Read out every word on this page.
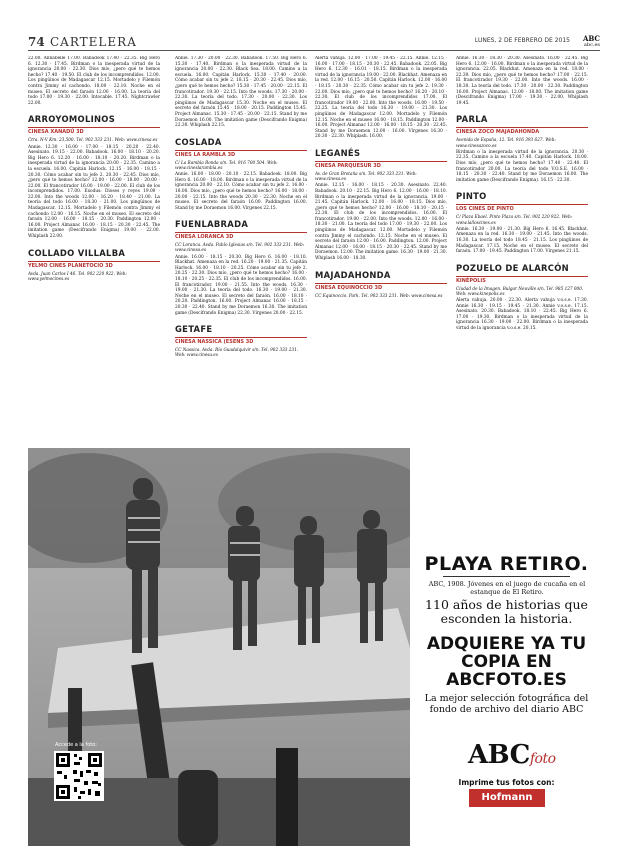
74 CARTELERA	LUNES, 2 DE FEBRERO DE 2015 ABC
abc.es

22.00. Annabelle 17.00. Babadook 17.40 · 22.35. Big Hero 6. 12.30 · 17.45. Birdman o la inesperada virtud de la ignorancia 20.00 · 22.30. Dios mío, ¿pero qué te hemos hecho? 17.40 · 19.50. El club de los incomprendidos. 12.00. Los pingüinos de Madagascar 12.15. Mortadelo y Filemón contra Jimmy el cachondo. 18.00 · 22.10. Noche en el museo. El secreto del faraón 12.00 · 16.00. La teoría del todo 17.00 · 19.30 · 22.00. Intocable. 17.45. Nightcrawler 22.00.

ARROYOMOLINOS

CINESA XANADÚ 3D

Ctra. N-V Km. 23,500. Tel. 902 333 231. Web: www.cinesa.es

Annie. 12.30 · 16.00 · 17.00 · 18.15 · 20.20 · 22.40. Asesinato. 19.15 · 22.00. Babadook. 16.00 · 18.10 · 20.20. Big Hero 6. 12.20 · 16.00 · 18.10 · 20.20. Birdman o la inesperada virtud de la ignorancia 20.00 · 22.35. Camino a la escuela. 16.00. Capitán Harlock. 12.15 · 16.00 · 18.15 · 20.30. Cómo acabar sin tu jefe 2. 20.30 · 22.45. Dios mío, ¿pero qué te hemos hecho? 12.00 · 16.00 · 18.00 · 20.00 · 22.00. El francotirador 16.00 · 19.00 · 22.00. El club de los incomprendidos. 17.00. Exodus: Dioses y reyes 19.00 · 22.00. Into the woods 12.00 · 16.20 · 18.40 · 21.00. La teoría del todo 16.00 · 18.30 · 21.00. Los pingüinos de Madagascar. 12.15. Mortadelo y Filemón contra Jimmy el cachondo 12.00 · 16.15. Noche en el museo. El secreto del faraón 12.00 · 16.00 · 18.15 · 20.30. Paddington 12.00 · 16.00. Project Almanac 16.00 · 18.15 · 20.30 · 22.45. The imitation game (Descifrando Enigma) 19.00 · 22.00. Whiplash 22.00.

COLLADO VILLALBA

YELMO CINES PLANETOCIO 3D

Avda. Juan Carlos I 46. Tel. 902 220 922. Web: www.yelmocines.es

Annie. 17.30 · 20.00 · 22.30. Babadook. 17.50. Big Hero 6. 15.30 · 17.40. Birdman o la inesperada virtud de la ignorancia 20.00 · 22.30. Black Sea. 18.00. Camino a la escuela. 16.00. Capitán Harlock. 15.30 · 17.40 · 20.00. Cómo acabar sin tu jefe 2. 18.15 · 20.30 · 22.45. Dios mío, ¿pero qué te hemos hecho? 15.30 · 17.45 · 20.00 · 22.15. El francotirador. 19.30 · 22.15. Into the woods. 17.30 · 20.00 · 22.30. La teoría del todo. 17.30 · 20.00 · 22.30. Los pingüinos de Madagascar 15.30. Noche en el museo. El secreto del faraón 15.45 · 18.00 · 20.15. Paddington 15.45. Project Almanac. 15.30 · 17.45 · 20.00 · 22.15. Stand by me Doraemon 16.00. The imitation game (Descifrando Enigma) 22.30. Whiplash 22.15.

COSLADA

CINES LA RAMBLA 3D

C/ La Rambla Ronda s/n. Tel. 916 700 504. Web: www.cineslarambla.es

Annie. 16.00 · 18.00 · 20.10 · 22.15. Babadook. 18.00. Big Hero 6. 16.00 · 18.00. Birdman o la inesperada virtud de la ignorancia 20.00 · 22.10. Cómo acabar sin tu jefe 2. 16.00 · 18.00. Dios mío, ¿pero qué te hemos hecho? 16.00 · 18.00 · 20.00 · 22.15. Into the woods 20.30 · 22.30. Noche en el museo. El secreto del faraón 16.00. Paddington 16.00. Stand by me Doraemon 16.00. Vírgenes 22.15.

FUENLABRADA

CINESA LORANCA 3D

CC Loranca. Avda. Pablo Iglesias s/n. Tel. 902 333 231. Web: www.cinesa.es

Annie. 16.00 · 18.15 · 20.30. Big Hero 6. 16.00 · 18.10. Blackhat. Amenaza en la red. 16.20 · 19.00 · 21.35. Capitán Harlock. 16.00 · 18.10 · 20.25. Cómo acabar sin tu jefe 2. 20.25 · 22.30. Dios mío, ¿pero qué te hemos hecho? 16.00 · 18.10 · 20.25 · 22.35. El club de los incomprendidos. 16.00. El francotirador. 19.00 · 21.55. Into the woods. 16.30 · 19.00 · 21.30. La teoría del todo. 16.30 · 19.00 · 21.30. Noche en el museo. El secreto del faraón. 16.00 · 18.10 · 20.20. Paddington. 16.00. Project Almanac 16.00 · 18.15 · 20.30 · 22.40. Stand by me Doraemon 16.30. The imitation game (Descifrando Enigma) 22.30. Vírgenes 20.00 · 22.15.

GETAFE

CINESA NASSICA (ESENS 3D

CC Nassica. Avda. Río Guadalquivir s/n. Tel. 902 333 231. Web: www.cinesa.es

Alerta vahuja. 12.00 · 17.00 · 19.45 · 22.15. Annie. 12.15 · 16.00 · 17.00 · 18.15 · 20.30 · 22.45. Babadook. 22.05. Big Hero 6. 12.30 · 16.01 · 18.15. Birdman o la inesperada virtud de la ignorancia 19.00 · 22.00. Blackhat. Amenaza en la red. 12.00 · 16.15 · 20.50. Capitán Harlock. 12.00 · 16.00 · 18.15 · 20.30 · 22.35. Cómo acabar sin tu jefe 2. 19.30 · 22.00. Dios mío, ¿pero qué te hemos hecho? 16.20 · 20.10 · 22.30. El club de los incomprendidos 17.00. El francotirador 19.00 · 22.00. Into the woods. 16.00 · 19.50 · 22.25. La teoría del todo 16.30 · 19.00 · 21.30. Los pingüinos de Madagascar 12.00. Mortadelo y Filemón 12.15. Noche en el museo 16.00 · 18.15. Paddington 12.00 · 16.00. Project Almanac 12.00 · 16.00 · 18.15 · 20.30 · 22.45. Stand by me Doraemon 12.00 · 16.00. Vírgenes 16.30 · 20.30 · 22.30. Whiplash. 16.00.

LEGANÉS

CINESA PARQUESUR 3D

Av. de Gran Bretaña s/n. Tel. 902 333 231. Web: www.cinesa.es

Annie. 12.15 · 16.00 · 18.15 · 20.30. Asesinato. 22.40. Babadook. 20.10 · 22.15. Big Hero 6. 12.00 · 16.00 · 18.10. Birdman o la inesperada virtud de la ignorancia. 19.00 · 21.45. Capitán Harlock. 12.00 · 16.00 · 18.15. Dios mío, ¿pero qué te hemos hecho? 12.00 · 16.00 · 18.10 · 20.15 · 22.30. El club de los incomprendidos. 16.00. El francotirador. 19.00 · 22.00. Into the woods. 12.00 · 16.00 · 18.30 · 21.00. La teoría del todo 17.00 · 19.30 · 22.00. Los pingüinos de Madagascar. 12.00. Mortadelo y Filemón contra Jimmy el cachondo. 12.15. Noche en el museo. El secreto del faraón 12.00 · 16.00. Paddington. 12.00. Project Almanac 12.00 · 16.00 · 18.15 · 20.30 · 22.45. Stand by me Doraemon. 12.00. The imitation game. 16.30 · 19.00 · 21.30. Whiplash 16.00 · 18.30.

MAJADAHONDA

CINESA EQUINOCCIO 3D

CC Equinoccio. Park. Tel. 902 333 231. Web: www.cinesa.es

Annie. 16.30 · 18.30 · 20.30. Asesinato. 16.00 · 22.45. Big Hero 6. 12.00 · 16.00. Birdman o la inesperada virtud de la ignorancia. 22.05. Blackhat. Amenaza en la red. 18.00 · 22.30. Dios mío, ¿pero qué te hemos hecho? 17.00 · 22.15. El francotirador 19.30 · 22.00. Into the woods. 16.00 · 18.30. La teoría del todo. 17.30 · 20.00 · 22.30. Paddington 16.00. Project Almanac. 12.00 · 18.00. The imitation game (Descifrando Enigma) 17.00 · 19.30 · 22.00. Whiplash 19.45.

PARLA

CINESA ZOCO MAJADAHONDA

Avenida de España, 12. Tel. 916 393 627. Web: www.cinesazoco.es

Birdman o la inesperada virtud de la ignorancia. 20.30 · 22.35. Camino a la escuela 17.40. Capitán Harlock. 18.00. Dios mío, ¿pero qué te hemos hecho? 17.40 · 22.40. El francotirador 20.00. La teoría del todo V.O.S.E. 16.00 · 18.15 · 20.30 · 22.40. Stand by me Doraemon 16.00. The imitation game (Descifrando Enigma). 16.15 · 22.30.

PINTO

LOS CINES DE PINTO

C/ Plaza Ebael. Pinto Plaza s/n. Tel. 902 220 922. Web: www.lalloscines.es

Annie. 16.30 · 19.00 · 21.30. Big Hero 6. 16.45. Blackhat. Amenaza en la red. 16.30 · 19.00 · 21.45. Into the woods. 16.30. La teoría del todo 18.45 · 21.15. Los pingüinos de Madagascar. 17.15. Noche en el museo. El secreto del faraón. 17.00 · 19.45. Paddington 17.00. Vírgenes 21.15.

POZUELO DE ALARCÓN

KINÉPOLIS

Ciudad de la Imagen. Bulgar Neuville s/n. Tel. 985 127 000. Web: www.kinepolis.es

Alerta vahuja. 20.00 · 22.30. Alerta vahuja v.o.s.e. 17.30. Annie 16.30 · 19.15 · 19.45 · 21.30. Annie v.o.s.e. 17.15. Asesinato. 20.30. Babadook. 18.10 · 22.45. Big Hero 6. 17.00 · 19.30. Birdman o la inesperada virtud de la ignorancia 16.30 · 19.00 · 22.00. Birdman o la inesperada virtud de la ignorancia v.o.s.e. 20.15.

Accede a la foto:
PLAYA RETIRO.
ABC, 1908. Jóvenes en el juego de cucaña en el estanque de El Retiro.
110 años de historias que esconden la historia.
ADQUIERE YA TU COPIA EN ABCFOTO.ES
La mejor selección fotográfica del fondo de archivo del diario ABC
ABCfoto
Imprime tus fotos con:
Hofmann
